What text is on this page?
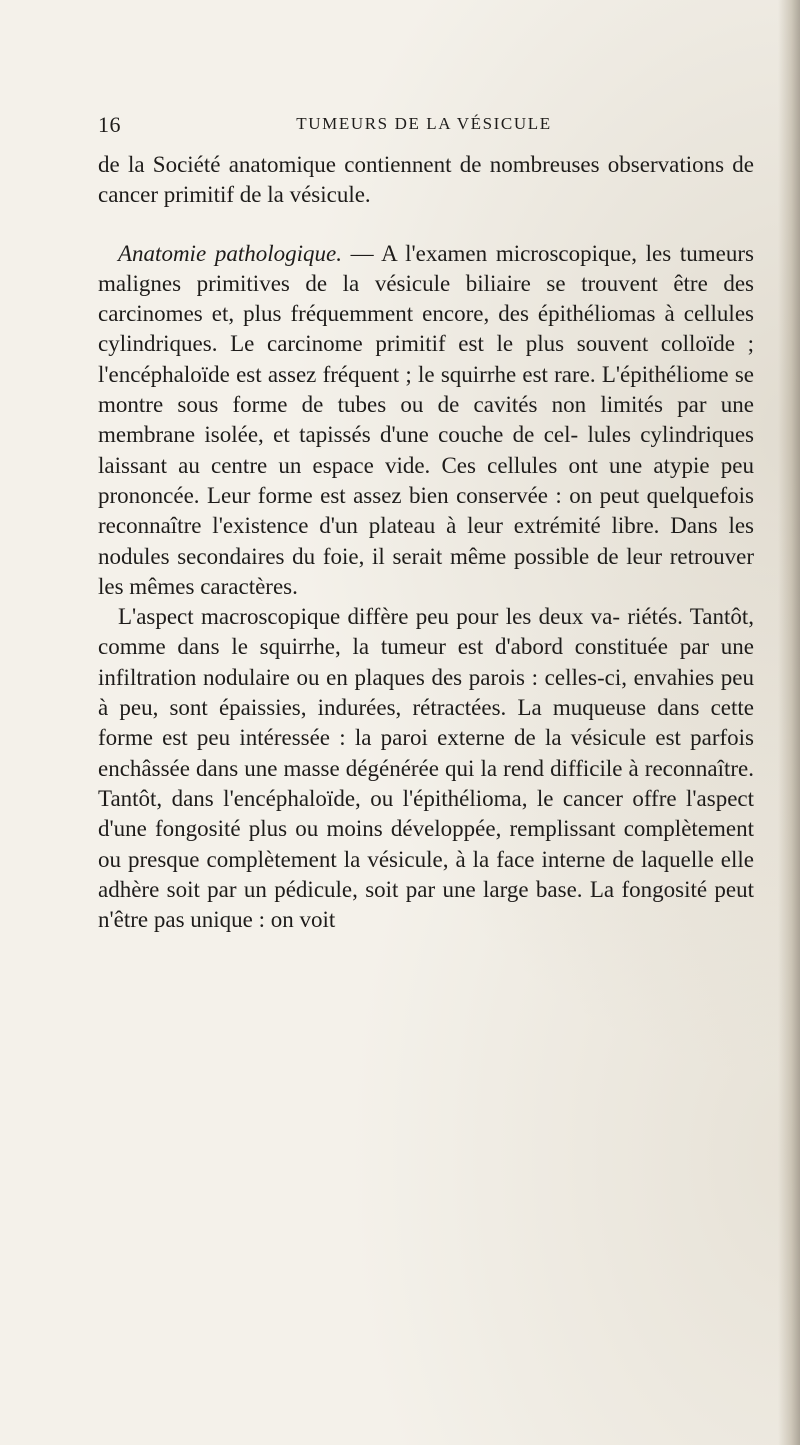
16	TUMEURS DE LA VÉSICULE

de la Société anatomique contiennent de nombreuses observations de cancer primitif de la vésicule.

Anatomie pathologique. — A l'examen microscopique, les tumeurs malignes primitives de la vésicule biliaire se trouvent être des carcinomes et, plus fréquemment encore, des épithéliomas à cellules cylindriques. Le carcinome primitif est le plus souvent colloïde ; l'encéphaloïde est assez fréquent ; le squirrhe est rare. L'épithéliome se montre sous forme de tubes ou de cavités non limités par une membrane isolée, et tapissés d'une couche de cel- lules cylindriques laissant au centre un espace vide. Ces cellules ont une atypie peu prononcée. Leur forme est assez bien conservée : on peut quelquefois reconnaître l'existence d'un plateau à leur extrémité libre. Dans les nodules secondaires du foie, il serait même possible de leur retrouver les mêmes caractères.

L'aspect macroscopique diffère peu pour les deux va- riétés. Tantôt, comme dans le squirrhe, la tumeur est d'abord constituée par une infiltration nodulaire ou en plaques des parois : celles-ci, envahies peu à peu, sont épaissies, indurées, rétractées. La muqueuse dans cette forme est peu intéressée : la paroi externe de la vésicule est parfois enchâssée dans une masse dégénérée qui la rend difficile à reconnaître. Tantôt, dans l'encéphaloïde, ou l'épithélioma, le cancer offre l'aspect d'une fongosité plus ou moins développée, remplissant complètement ou presque complètement la vésicule, à la face interne de laquelle elle adhère soit par un pédicule, soit par une large base. La fongosité peut n'être pas unique : on voit
